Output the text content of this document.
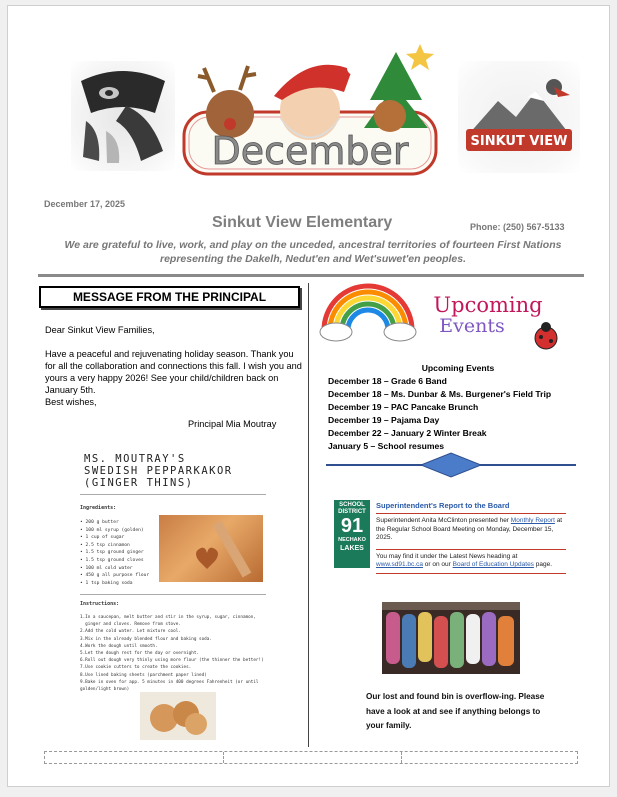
December	SINKUT VIEW
December 17, 2025
Sinkut View Elementary	Phone: (250) 567-5133
We are grateful to live, work, and play on the unceded, ancestral territories of fourteen First Nations representing the Dakelh, Nedut'en and Wet'suwet'en peoples.
MESSAGE FROM THE PRINCIPAL

Dear Sinkut View Families,

Have a peaceful and rejuvenating holiday season. Thank you for all the collaboration and connections this fall. I wish you and yours a very happy 2026! See your child/children back on January 5th.

Best wishes,

Principal Mia Moutray
MS. MOUTRAY'S
SWEDISH PEPPARKAKOR
(GINGER THINS)
Ingredients:
• 200 g butter
• 100 ml syrup (golden)
• 1 cup of sugar
• 2.5 tsp cinnamon
• 1.5 tsp ground ginger
• 1.5 tsp ground cloves
• 100 ml cold water
• 450 g all purpose flour
• 1 tsp baking soda
Instructions:
1.In a saucepan, melt butter and stir in the syrup, sugar, cinnamon,
ginger and cloves. Remove from stove.
2.Add the cold water. Let mixture cool.
3.Mix in the already blended flour and baking soda.
4.Work the dough until smooth.
5.Let the dough rest for the day or overnight.
6.Roll out dough very thinly using more flour (the thinner the better!)
7.Use cookie cutters to create the cookies.
8.Use lined baking sheets (parchment paper lined)
9.Bake in oven for app. 5 minutes in 400 degrees Fahrenheit (or until
golden/light brown)
Upcoming
Events
Upcoming Events
December 18 – Grade 6 Band
December 18 – Ms. Dunbar & Ms. Burgener's Field Trip
December 19 – PAC Pancake Brunch
December 19 – Pajama Day
December 22 – January 2 Winter Break
January 5 – School resumes
SCHOOL
DISTRICT
91
NECHAKO
LAKES
Superintendent's Report to the Board
Superintendent Anita McClinton presented her Monthly Report at the Regular School Board Meeting on Monday, December 15, 2025.
You may find it under the Latest News heading at www.sd91.bc.ca or on our Board of Education Updates page.
Our lost and found bin is overflow-ing. Please have a look at and see if anything belongs to your family.
